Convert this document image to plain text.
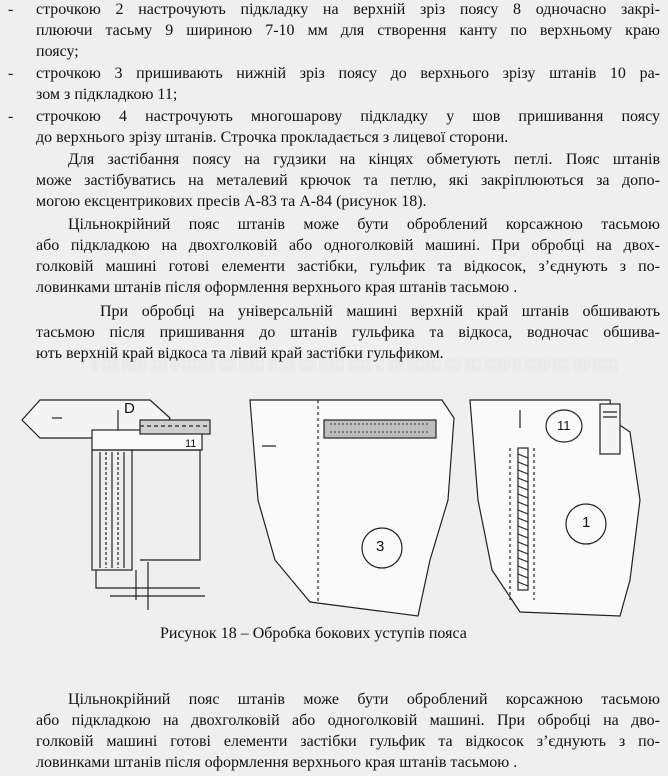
░ ░░ ░░░ ░░ ░ ░░░░ ░░ ░░░ ░ ░░ ░░ ░░░ ░░░ ░ ░░ ░░░░ ░░ ░░ ░░░ ░ ░░░ ░░ ░░ ░░░
- строчкою 2 настрочують підкладку на верхній зріз поясу 8 одночасно закрі-
плюючи тасьму 9 шириною 7-10 мм для створення канту по верхньому краю
поясу;
- строчкою 3 пришивають нижній зріз поясу до верхнього зрізу штанів 10 ра-
зом з підкладкою 11;
- строчкою 4 настрочують многошарову підкладку у шов пришивання поясу
до верхнього зрізу штанів. Строчка прокладається з лицевої сторони.
Для застібання поясу на гудзики на кінцях обметують петлі. Пояс штанів
може застібуватись на металевий крючок та петлю, які закріплюються за допо-
могою ексцентрикових пресів А-83 та А-84 (рисунок 18).
Цільнокрійний пояс штанів може бути оброблений корсажною тасьмою
або підкладкою на двохголковій або одноголковій машині. При обробці на двох-
голковій машині готові елементи застібки, гульфик та відкосок, з’єднують з по-
ловинками штанів після оформлення верхнього края штанів тасьмою .
При обробці на універсальній машині верхній край штанів обшивають
тасьмою після пришивання до штанів гульфика та відкоса, водночас обшива-
ють верхній край відкоса та лівий край застібки гульфиком.
D
11
3
11
1
Рисунок 18 – Обробка бокових уступів пояса
Цільнокрійний пояс штанів може бути оброблений корсажною тасьмою
або підкладкою на двохголковій або одноголковій машині. При обробці на дво-
голковій машині готові елементи застібки гульфик та відкосок з’єднують з по-
ловинками штанів після оформлення верхнього края штанів тасьмою .
